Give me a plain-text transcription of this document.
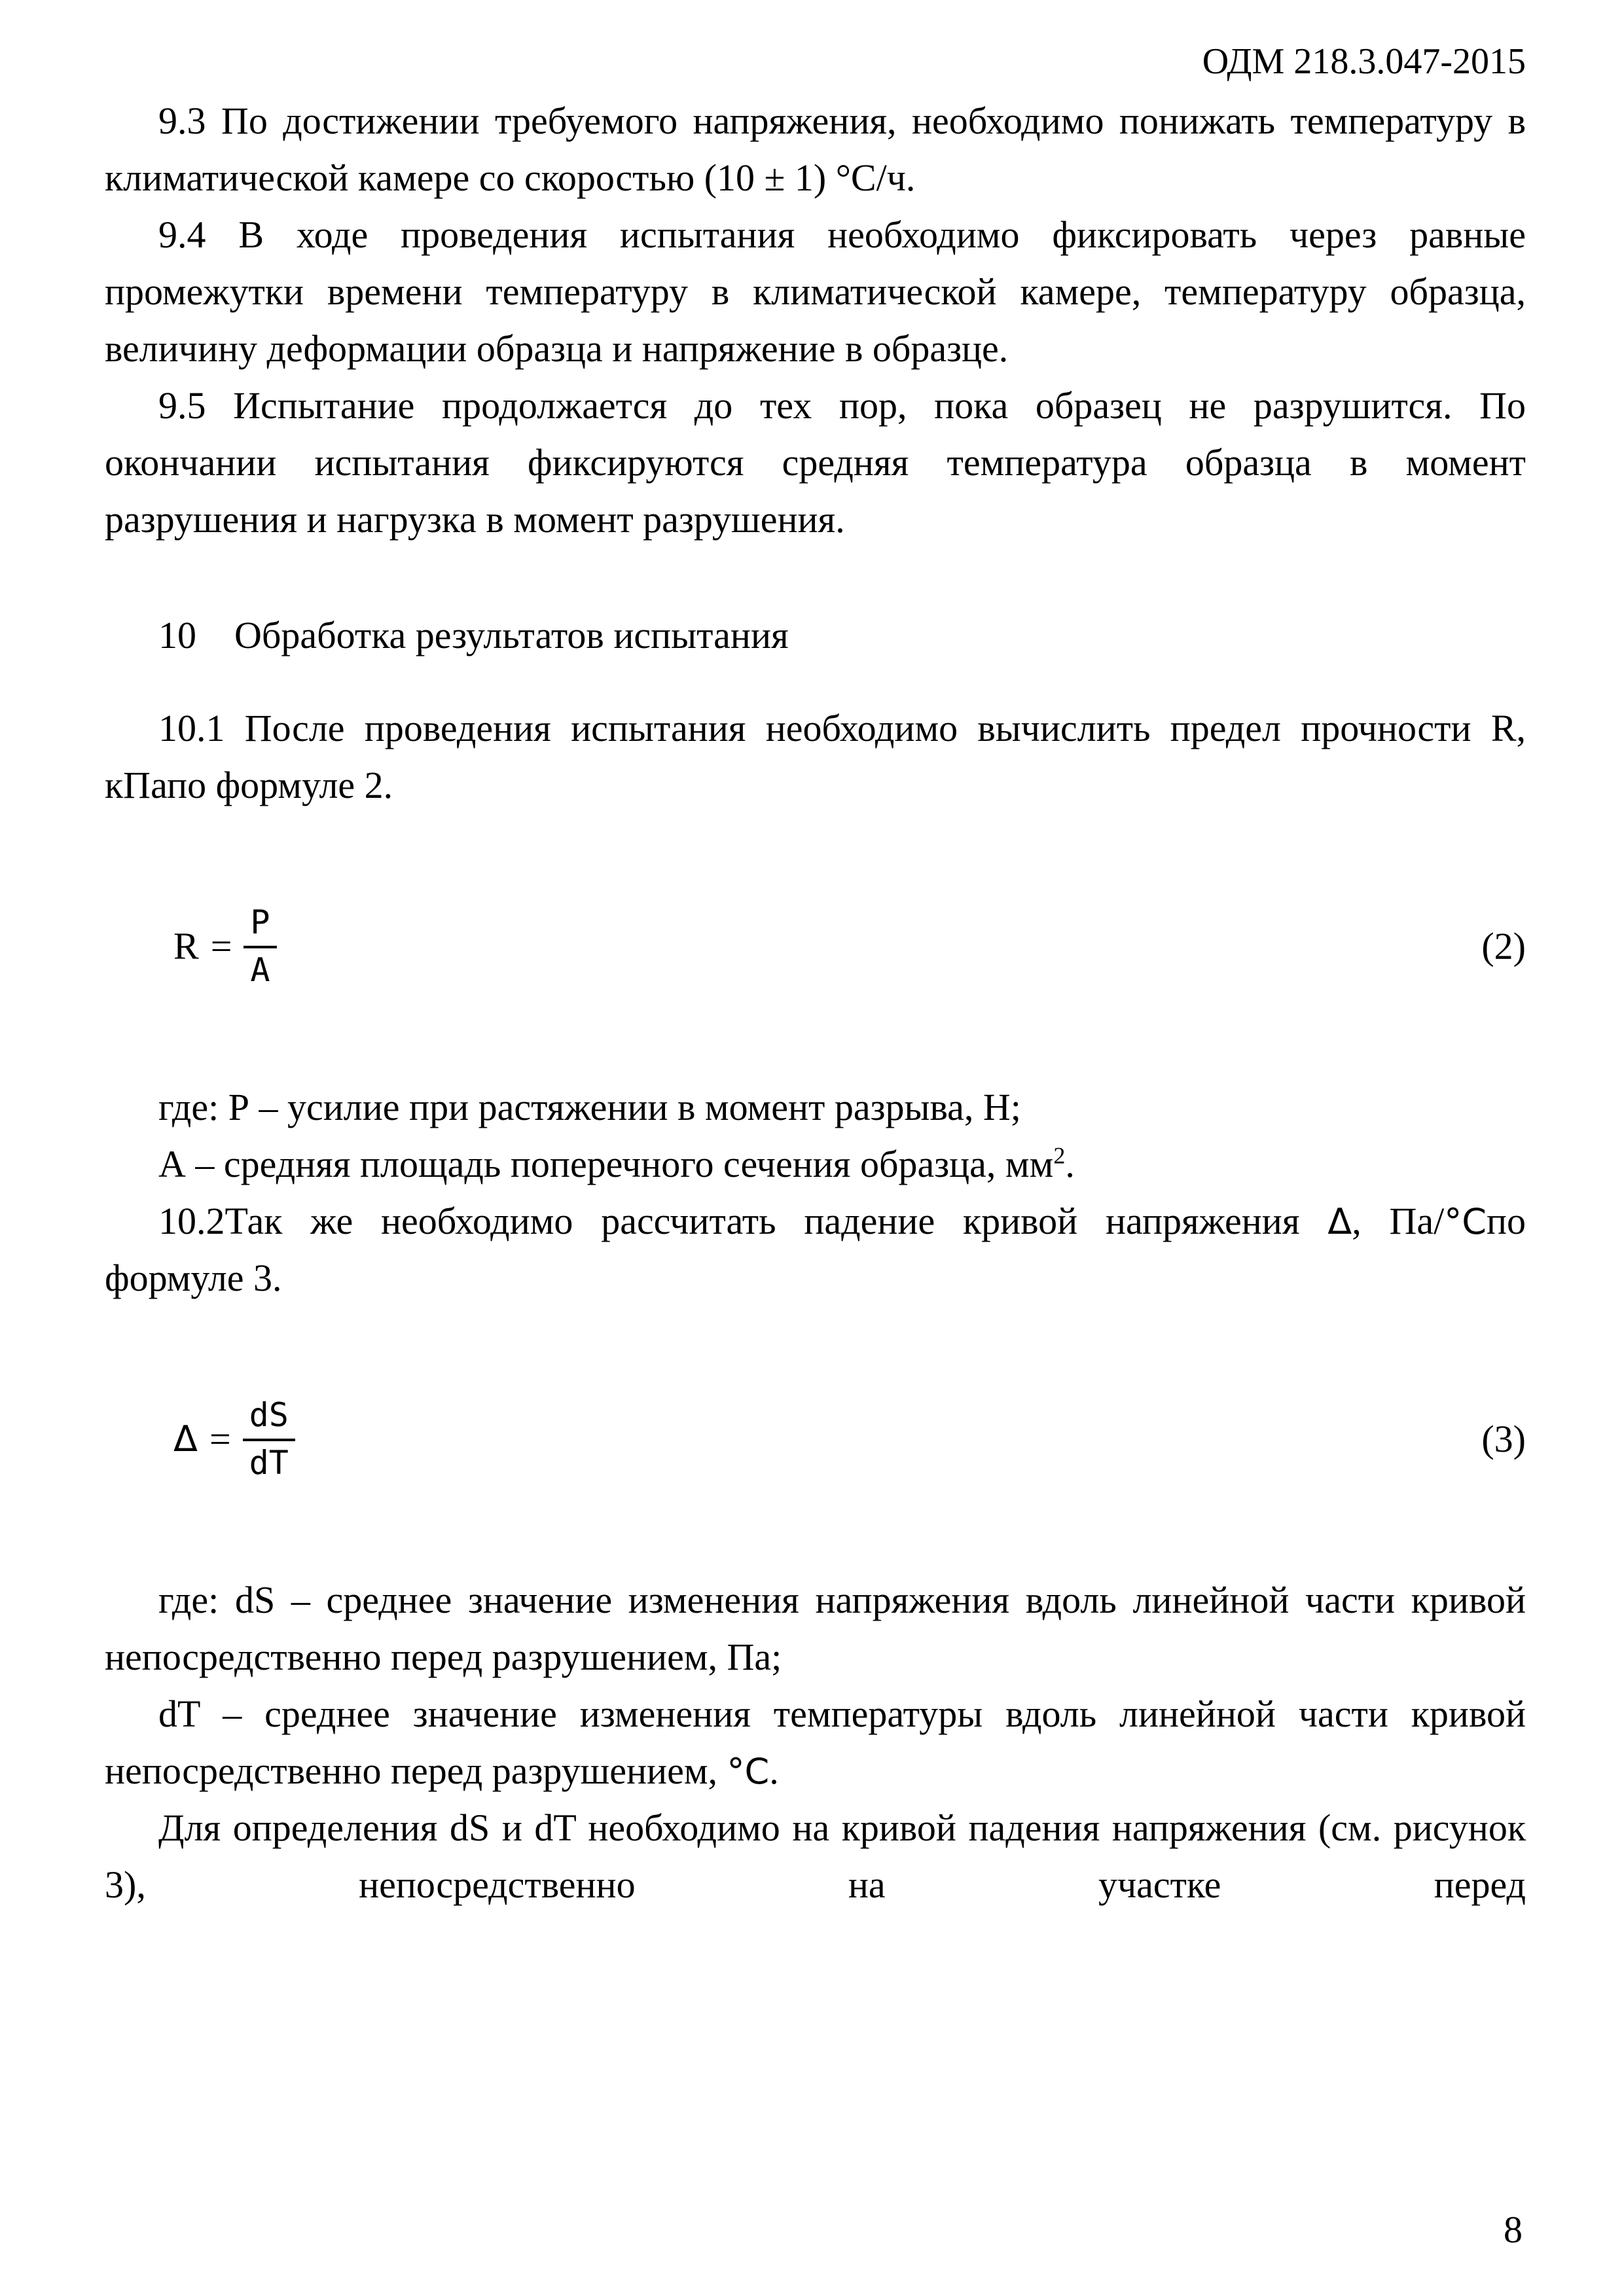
ОДМ 218.3.047-2015

9.3 По достижении требуемого напряжения, необходимо понижать температуру в климатической камере со скоростью (10 ± 1) °С/ч.

9.4 В ходе проведения испытания необходимо фиксировать через равные промежутки времени температуру в климатической камере, температуру образца, величину деформации образца и напряжение в образце.

9.5 Испытание продолжается до тех пор, пока образец не разрушится. По окончании испытания фиксируются средняя температура образца в момент разрушения и нагрузка в момент разрушения.

10 Обработка результатов испытания

10.1 После проведения испытания необходимо вычислить предел прочности R, кПапо формуле 2.

$R = \frac{P}{A}$	(2)

где: Р – усилие при растяжении в момент разрыва, Н;

А – средняя площадь поперечного сечения образца, $мм^2$.

10.2Так же необходимо рассчитать падение кривой напряжения Δ, Па/°Спо формуле 3.

$\Delta = \frac{dS}{dT}$	(3)

где: dS – среднее значение изменения напряжения вдоль линейной части кривой непосредственно перед разрушением, Па;

dT – среднее значение изменения температуры вдоль линейной части кривой непосредственно перед разрушением, °С.

Для определения dS и dT необходимо на кривой падения напряжения (см. рисунок 3), непосредственно на участке перед

8
